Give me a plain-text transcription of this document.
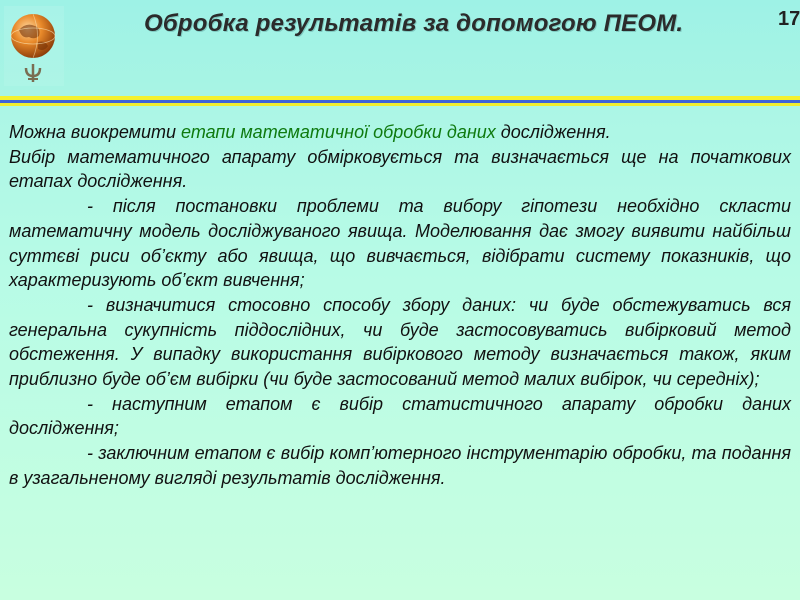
Обробка результатів за допомогою ПЕОМ.	17

Можна виокремити етапи математичної обробки даних дослідження.

Вибір математичного апарату обмірковується та визначається ще на початкових етапах дослідження.

- після постановки проблеми та вибору гіпотези необхідно скласти математичну модель досліджуваного явища. Моделювання дає змогу виявити найбільш суттєві риси об’єкту або явища, що вивчається, відібрати систему показників, що характеризують об’єкт вивчення;

- визначитися стосовно способу збору даних: чи буде обстежуватись вся генеральна сукупність піддослідних, чи буде застосовуватись вибірковий метод обстеження. У випадку використання вибіркового методу визначається також, яким приблизно буде об’єм вибірки (чи буде застосований метод малих вибірок, чи середніх);

- наступним етапом є вибір статистичного апарату обробки даних дослідження;

- заключним етапом є вибір комп’ютерного інструментарію обробки, та подання в узагальненому вигляді результатів дослідження.
